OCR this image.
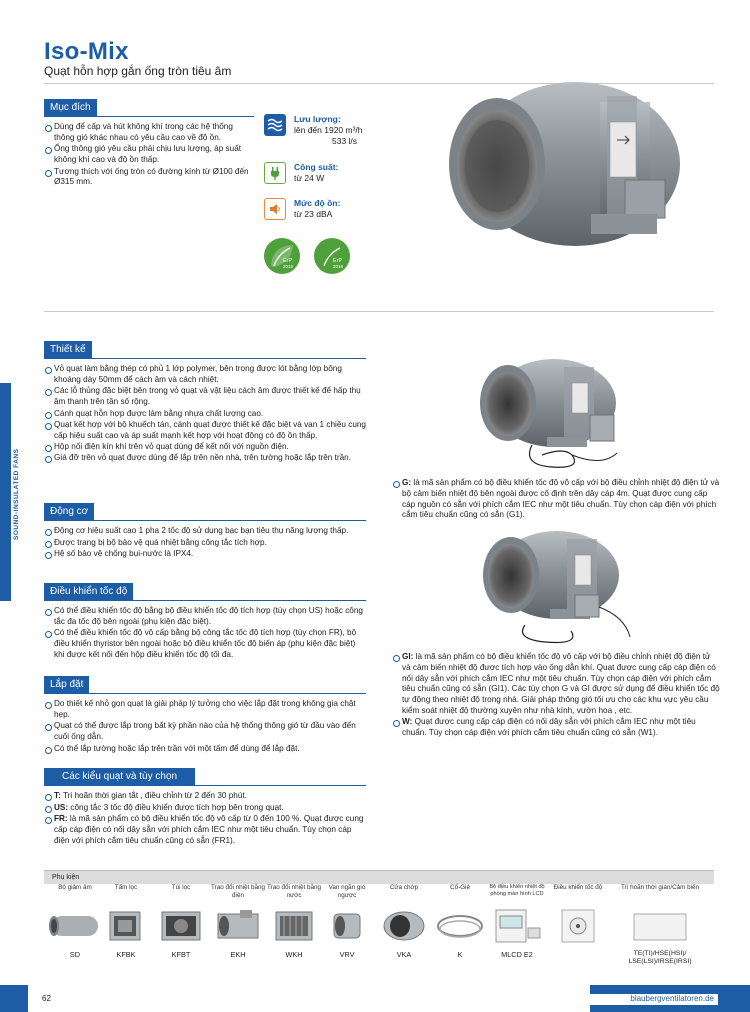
Iso-Mix
Quạt hỗn hợp gắn ống tròn tiêu âm
SOUND-INSULATED FANS
Mục đích
Dùng để cấp và hút không khí trong các hệ thống thông gió khác nhau có yêu cầu cao về độ ồn.
Ống thông gió yêu cầu phải chịu lưu lượng, áp suất không khí cao và độ ồn thấp.
Tương thích với ống tròn có đường kính từ Ø100 đến Ø315 mm.
Lưu lượng:
lên đến 1920 m³/h
533 l/s
Công suất:
từ 24 W
Mức độ ồn:
từ 23 dBA
ErP
2016
ErP
2018
Thiết kế
Vỏ quạt làm bằng thép có phủ 1 lớp polymer, bên trong được lót bằng lớp bông khoáng dày 50mm để cách âm và cách nhiệt.
Các lỗ thủng đặc biệt bên trong vỏ quạt và vật liệu cách âm được thiết kế để hấp thụ âm thanh trên tần số rộng.
Cánh quạt hỗn hợp được làm bằng nhựa chất lượng cao.
Quạt kết hợp với bộ khuếch tán, cánh quạt được thiết kế đặc biệt và van 1 chiều cung cấp hiệu suất cao và áp suất mạnh kết hợp với hoạt động có độ ồn thấp.
Hộp nối điện kín khí trên vỏ quạt dùng để kết nối với nguồn điện.
Giá đỡ trên vỏ quạt được dùng để lắp trên nền nhà, trên tường hoặc lắp trên trần.
Động cơ
Động cơ hiệu suất cao 1 pha 2 tốc độ sử dụng bạc bạn tiêu thụ năng lượng thấp.
Được trang bị bộ bảo vệ quá nhiệt bằng công tắc tích hợp.
Hệ số bảo vệ chống bụi-nước là IPX4.
Điều khiển tốc độ
Có thể điều khiển tốc độ bằng bộ điều khiển tốc độ tích hợp (tùy chọn US) hoặc công tắc đa tốc độ bên ngoài (phụ kiện đặc biệt).
Có thể điều khiển tốc độ vô cấp bằng bộ công tắc tốc độ tích hợp (tùy chọn FR), bộ điều khiển thyristor bên ngoài hoặc bộ điều khiển tốc độ biến áp (phụ kiện đặc biệt) khi được kết nối đến hộp điều khiển tốc độ tối đa.
Lắp đặt
Do thiết kế nhỏ gọn quạt là giải pháp lý tưởng cho việc lắp đặt trong không gia chật hẹp.
Quạt có thể được lắp trong bất kỳ phần nào của hệ thống thông gió từ đầu vào đến cuối ống dẫn.
Có thể lắp tường hoặc lắp trên trần với một tấm để dùng để lắp đặt.
Các kiểu quạt và tùy chọn
T: Tri hoãn thời gian tắt , điều chỉnh từ 2 đến 30 phút.
US: công tắc 3 tốc độ điều khiển được tích hợp bên trong quạt.
FR: là mã sản phẩm có bộ điều khiển tốc độ vô cấp từ 0 đến 100 %. Quạt được cung cấp cáp điện có nối dây sẵn với phích cắm IEC như một tiêu chuẩn. Tùy chọn cáp điện với phích cắm tiêu chuẩn cũng có sẵn (FR1).
G: là mã sản phẩm có bộ điều khiển tốc độ vô cấp với bộ điều chỉnh nhiệt độ điện tử và bộ cảm biến nhiệt độ bên ngoài được cố định trên dây cáp 4m. Quạt được cung cấp cáp nguồn có sẵn với phích cắm IEC như một tiêu chuẩn. Tùy chọn cáp điện với phích cắm tiêu chuẩn cũng có sẵn (G1).
GI: là mã sản phẩm có bộ điều khiển tốc độ vô cấp với bộ điều chỉnh nhiệt độ điện tử và cảm biến nhiệt độ được tích hợp vào ống dẫn khí. Quạt được cung cấp cáp điện có nối dây sẵn với phích cắm IEC như một tiêu chuẩn. Tùy chọn cáp điện với phích cắm tiêu chuẩn cũng có sẵn (GI1). Các tùy chọn G và GI được sử dụng để điều khiển tốc độ tự động theo nhiệt độ trong nhà. Giải pháp thông gió tối ưu cho các khu vực yêu cầu kiểm soát nhiệt độ thường xuyên như nhà kính, vườn hoa , etc.
W: Quạt được cung cấp cáp điện có nối dây sẵn với phích cắm IEC như một tiêu chuẩn. Tùy chọn cáp điện với phích cắm tiêu chuẩn cũng có sẵn (W1).
Phụ kiện
Bộ giảm âm
SD
Tấm lọc
KFBK
Túi lọc
KFBT
Trao đổi nhiệt bằng điện
EKH
Trao đổi nhiệt bằng nước
WKH
Van ngăn gió ngược
VRV
Cửa chớp
VKA
Cổ-Giê
K
Bộ điều khiển nhiệt độ phòng màn hình LCD
MLCD E2
Điều khiển tốc độ	Trì hoãn thời gian/Cảm biến
TE(TI)/HSE(HSI)/ LSE(LSI)/IRSE(IRSI)
62	blaubergventilatoren.de
